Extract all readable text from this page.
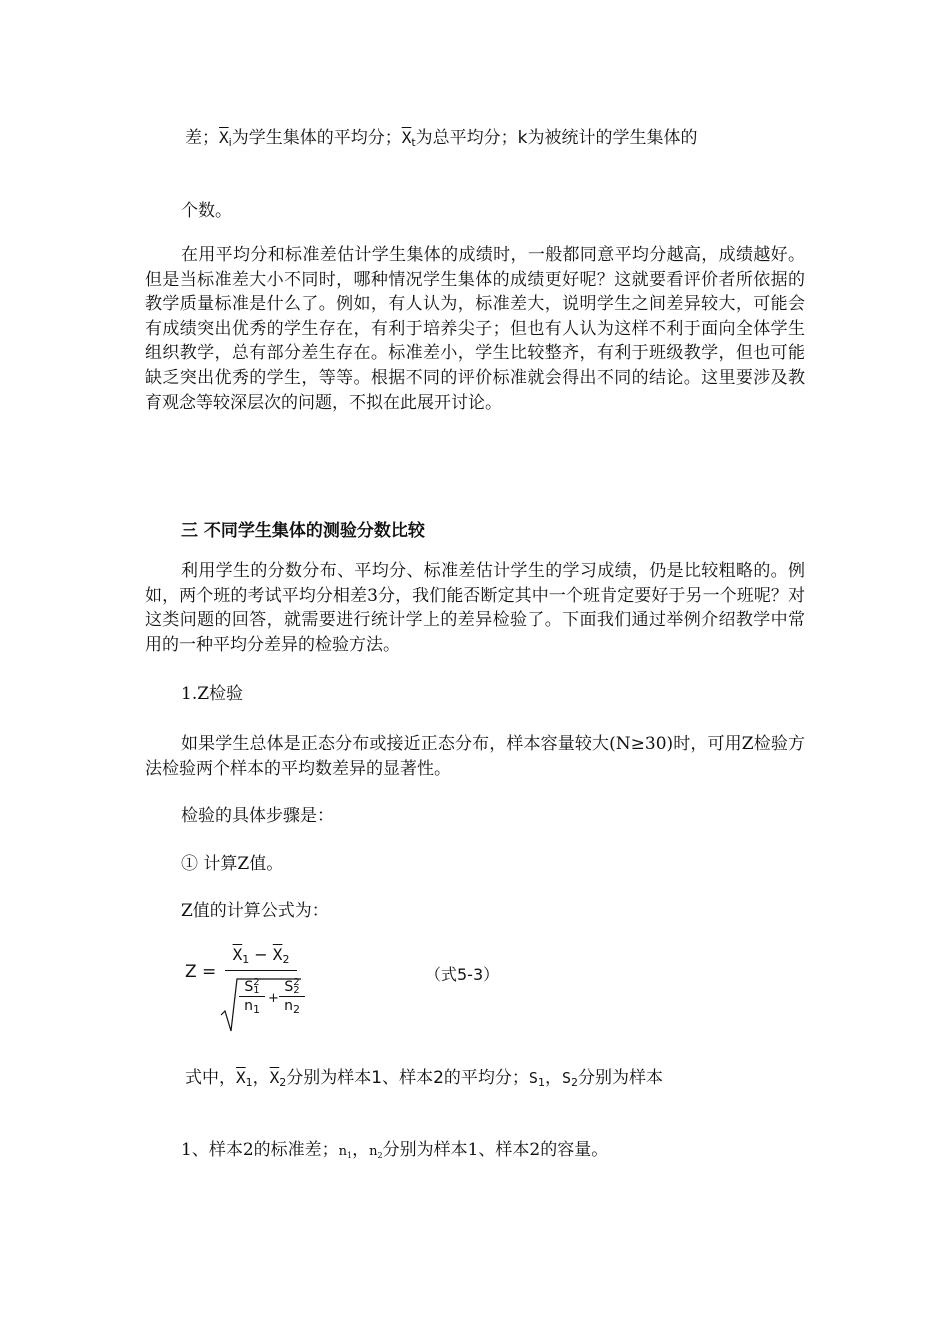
差；$\overline{X}_i$为学生集体的平均分；$\overline{X}_t$为总平均分；k为被统计的学生集体的
个数。
在用平均分和标准差估计学生集体的成绩时，一般都同意平均分越高，成绩越好。但是当标准差大小不同时，哪种情况学生集体的成绩更好呢？这就要看评价者所依据的教学质量标准是什么了。例如，有人认为，标准差大，说明学生之间差异较大，可能会有成绩突出优秀的学生存在，有利于培养尖子；但也有人认为这样不利于面向全体学生组织教学，总有部分差生存在。标准差小，学生比较整齐，有利于班级教学，但也可能缺乏突出优秀的学生，等等。根据不同的评价标准就会得出不同的结论。这里要涉及教育观念等较深层次的问题，不拟在此展开讨论。
三 不同学生集体的测验分数比较
利用学生的分数分布、平均分、标准差估计学生的学习成绩，仍是比较粗略的。例如，两个班的考试平均分相差3分，我们能否断定其中一个班肯定要好于另一个班呢？对这类问题的回答，就需要进行统计学上的差异检验了。下面我们通过举例介绍教学中常用的一种平均分差异的检验方法。
1.Z检验
如果学生总体是正态分布或接近正态分布，样本容量较大(N≥30)时，可用Z检验方法检验两个样本的平均数差异的显著性。
检验的具体步骤是：
① 计算Z值。
Z值的计算公式为：
Z =
$\overline{X}_1 - \overline{X}_2$
S2
1
$n_1$
+
S2
2
$n_2$
（式5-3）
式中，$\overline{X}_1$，$\overline{X}_2$分别为样本1、样本2的平均分；$S_1$，$S_2$分别为样本
1、样本2的标准差；$n_1$，$n_2$分别为样本1、样本2的容量。
